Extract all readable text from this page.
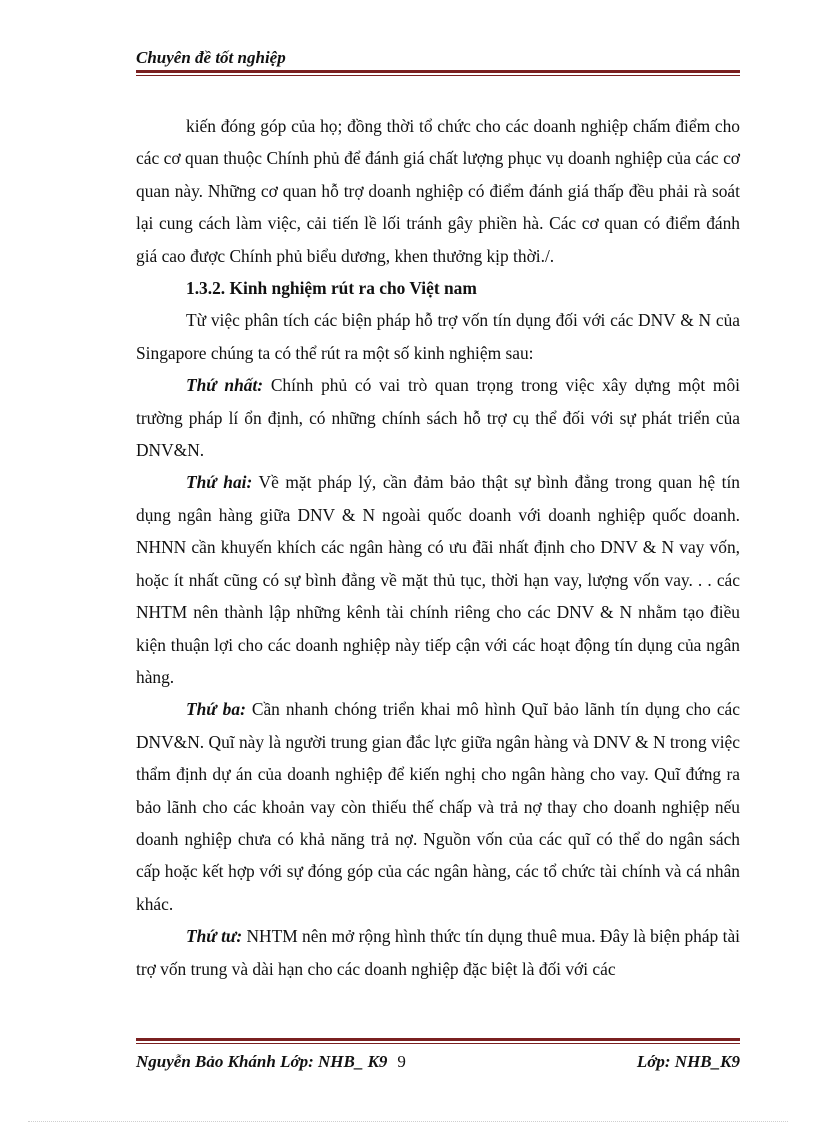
Chuyên đề tốt nghiệp

kiến đóng góp của họ; đồng thời tổ chức cho các doanh nghiệp chấm điểm cho các cơ quan thuộc Chính phủ để đánh giá chất lượng phục vụ doanh nghiệp của các cơ quan này. Những cơ quan hỗ trợ doanh nghiệp có điểm đánh giá thấp đều phải rà soát lại cung cách làm việc, cải tiến lề lối tránh gây phiền hà. Các cơ quan có điểm đánh giá cao được Chính phủ biểu dương, khen thưởng kịp thời./.

1.3.2. Kinh nghiệm rút ra cho Việt nam

Từ việc phân tích các biện pháp hỗ trợ vốn tín dụng đối với các DNV & N của Singapore chúng ta có thể rút ra một số kinh nghiệm sau:

Thứ nhất: Chính phủ có vai trò quan trọng trong việc xây dựng một môi trường pháp lí ổn định, có những chính sách hỗ trợ cụ thể đối với sự phát triển của DNV&N.

Thứ hai: Về mặt pháp lý, cần đảm bảo thật sự bình đẳng trong quan hệ tín dụng ngân hàng giữa DNV & N ngoài quốc doanh với doanh nghiệp quốc doanh. NHNN cần khuyến khích các ngân hàng có ưu đãi nhất định cho DNV & N vay vốn, hoặc ít nhất cũng có sự bình đẳng về mặt thủ tục, thời hạn vay, lượng vốn vay. . . các NHTM nên thành lập những kênh tài chính riêng cho các DNV & N nhằm tạo điều kiện thuận lợi cho các doanh nghiệp này tiếp cận với các hoạt động tín dụng của ngân hàng.

Thứ ba: Cần nhanh chóng triển khai mô hình Quĩ bảo lãnh tín dụng cho các DNV&N. Quĩ này là người trung gian đắc lực giữa ngân hàng và DNV & N trong việc thẩm định dự án của doanh nghiệp để kiến nghị cho ngân hàng cho vay. Quĩ đứng ra bảo lãnh cho các khoản vay còn thiếu thế chấp và trả nợ thay cho doanh nghiệp nếu doanh nghiệp chưa có khả năng trả nợ. Nguồn vốn của các quĩ có thể do ngân sách cấp hoặc kết hợp với sự đóng góp của các ngân hàng, các tổ chức tài chính và cá nhân khác.

Thứ tư: NHTM nên mở rộng hình thức tín dụng thuê mua. Đây là biện pháp tài trợ vốn trung và dài hạn cho các doanh nghiệp đặc biệt là đối với các

Nguyễn Bảo Khánh Lớp: NHB_ K9 9	Lớp: NHB_K9
